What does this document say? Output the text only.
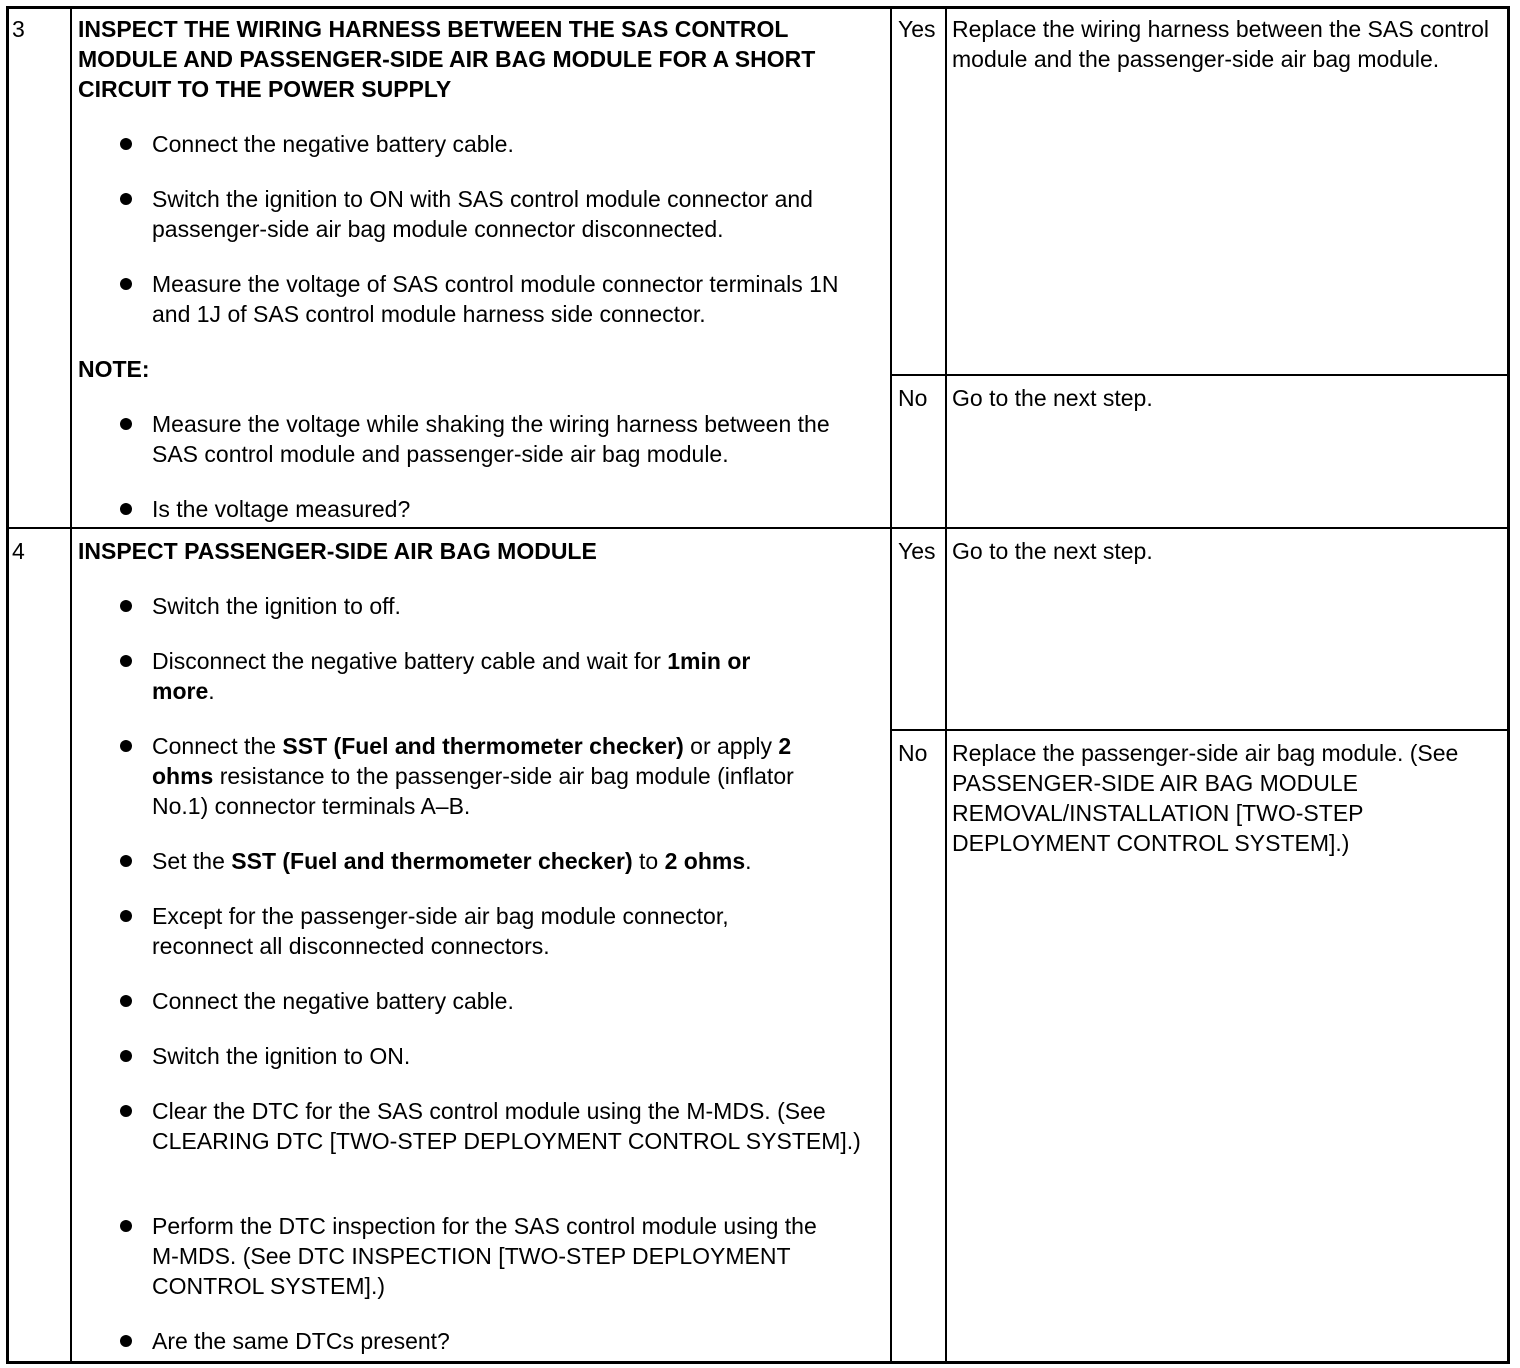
3 INSPECT THE WIRING HARNESS BETWEEN THE SAS CONTROL MODULE AND PASSENGER-SIDE AIR BAG MODULE FOR A SHORT CIRCUIT TO THE POWER SUPPLY
Connect the negative battery cable.
Switch the ignition to ON with SAS control module connector and passenger-side air bag module connector disconnected.
Measure the voltage of SAS control module connector terminals 1N and 1J of SAS control module harness side connector.
NOTE:
Measure the voltage while shaking the wiring harness between the SAS control module and passenger-side air bag module.
Is the voltage measured?
Yes Replace the wiring harness between the SAS control module and the passenger-side air bag module.
No Go to the next step.
4 INSPECT PASSENGER-SIDE AIR BAG MODULE
Switch the ignition to off.
Disconnect the negative battery cable and wait for 1min or
more.
Connect the SST (Fuel and thermometer checker) or apply 2
ohms resistance to the passenger-side air bag module (inflator
No.1) connector terminals A–B.
Set the SST (Fuel and thermometer checker) to 2 ohms.
Except for the passenger-side air bag module connector, reconnect all disconnected connectors.
Connect the negative battery cable.
Switch the ignition to ON.
Clear the DTC for the SAS control module using the M-MDS. (See CLEARING DTC [TWO-STEP DEPLOYMENT CONTROL SYSTEM].)
Perform the DTC inspection for the SAS control module using the M-MDS. (See DTC INSPECTION [TWO-STEP DEPLOYMENT CONTROL SYSTEM].)
Are the same DTCs present?
Yes Go to the next step.
No Replace the passenger-side air bag module. (See PASSENGER-SIDE AIR BAG MODULE REMOVAL/INSTALLATION [TWO-STEP DEPLOYMENT CONTROL SYSTEM].)
